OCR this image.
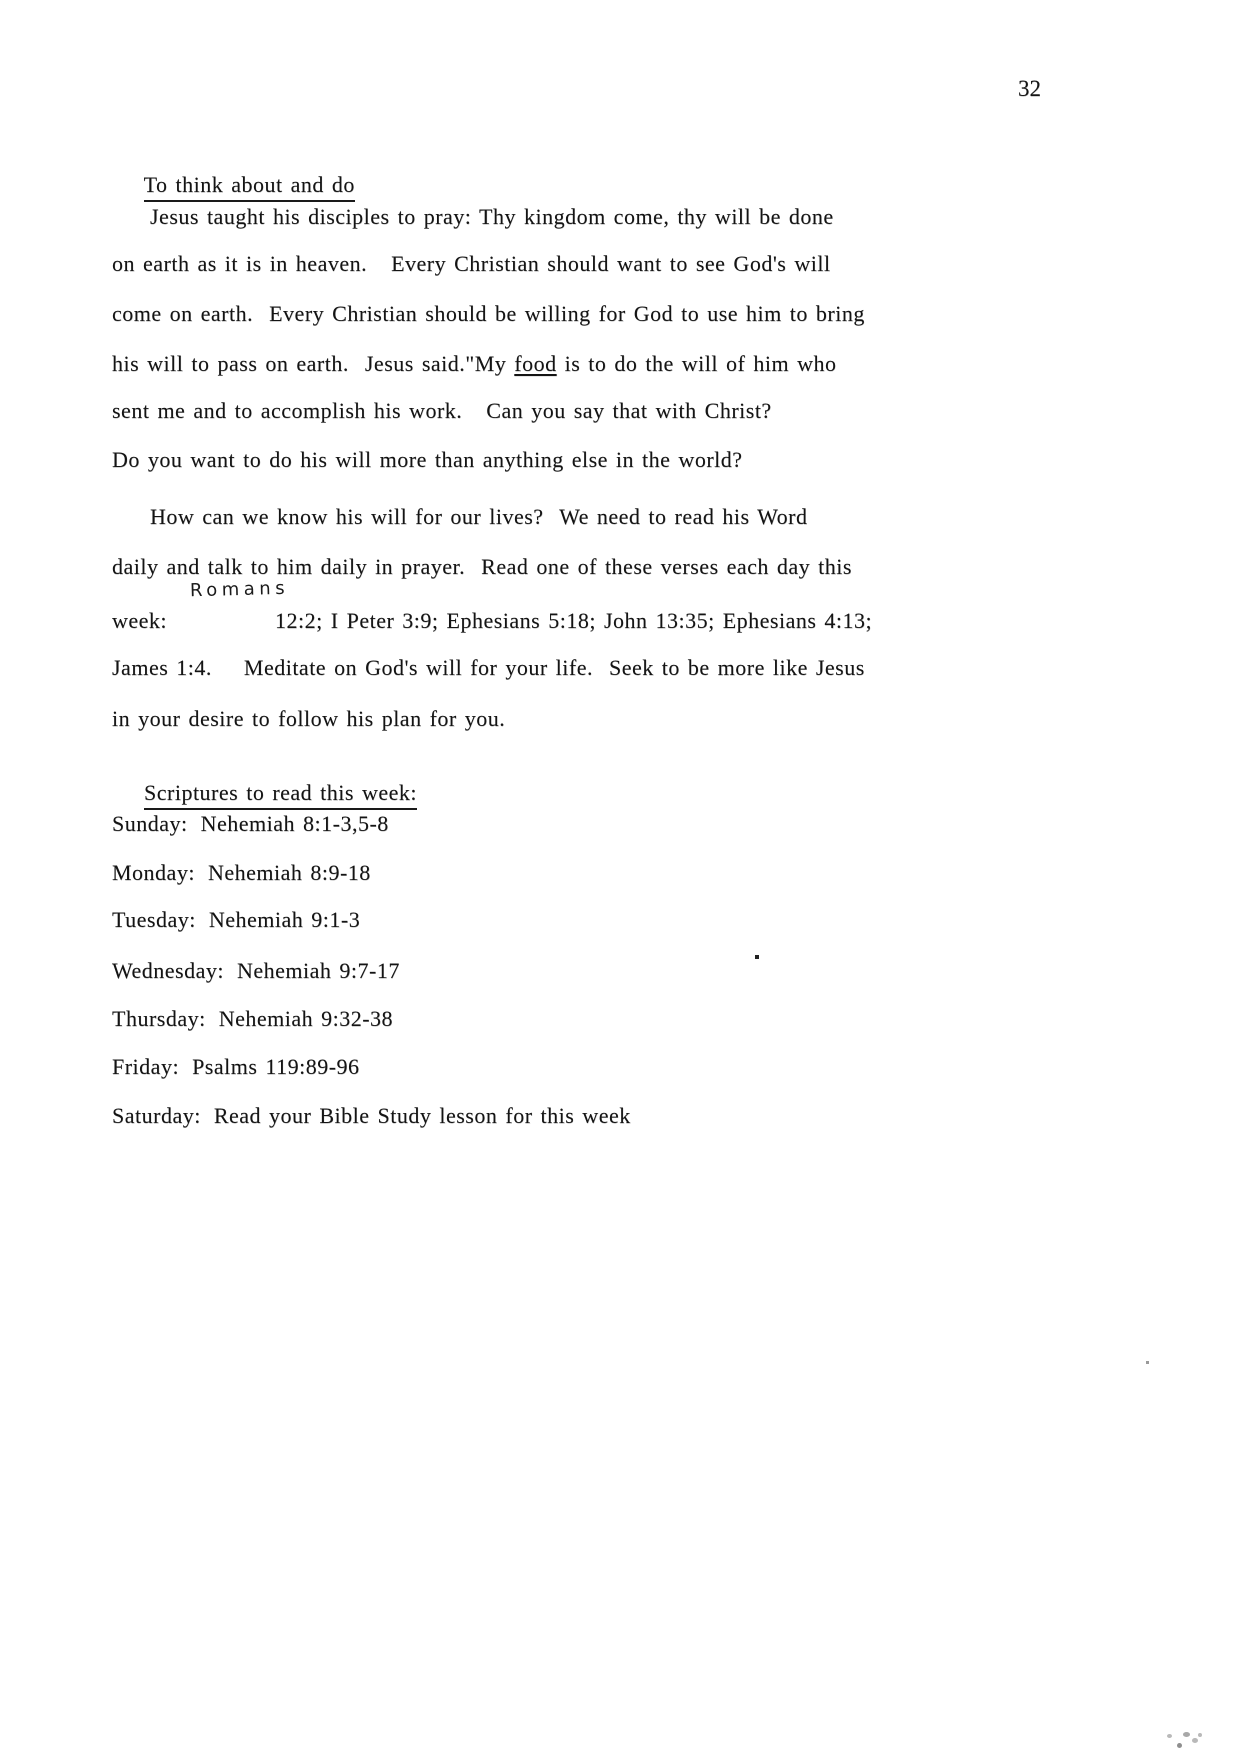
32

To think about and do

Jesus taught his disciples to pray: Thy kingdom come, thy will be done
on earth as it is in heaven.   Every Christian should want to see God's will
come on earth.  Every Christian should be willing for God to use him to bring
his will to pass on earth.  Jesus said."My food is to do the will of him who
sent me and to accomplish his work.   Can you say that with Christ?
Do you want to do his will more than anything else in the world?
How can we know his will for our lives?  We need to read his Word
daily and talk to him daily in prayer.  Read one of these verses each day this
Romans
week:	12:2; I Peter 3:9; Ephesians 5:18; John 13:35; Ephesians 4:13;
James 1:4.    Meditate on God's will for your life.  Seek to be more like Jesus
in your desire to follow his plan for you.

Scriptures to read this week:

Sunday: Nehemiah 8:1-3,5-8
Monday: Nehemiah 8:9-18
Tuesday: Nehemiah 9:1-3
Wednesday: Nehemiah 9:7-17
Thursday: Nehemiah 9:32-38
Friday: Psalms 119:89-96
Saturday: Read your Bible Study lesson for this week
